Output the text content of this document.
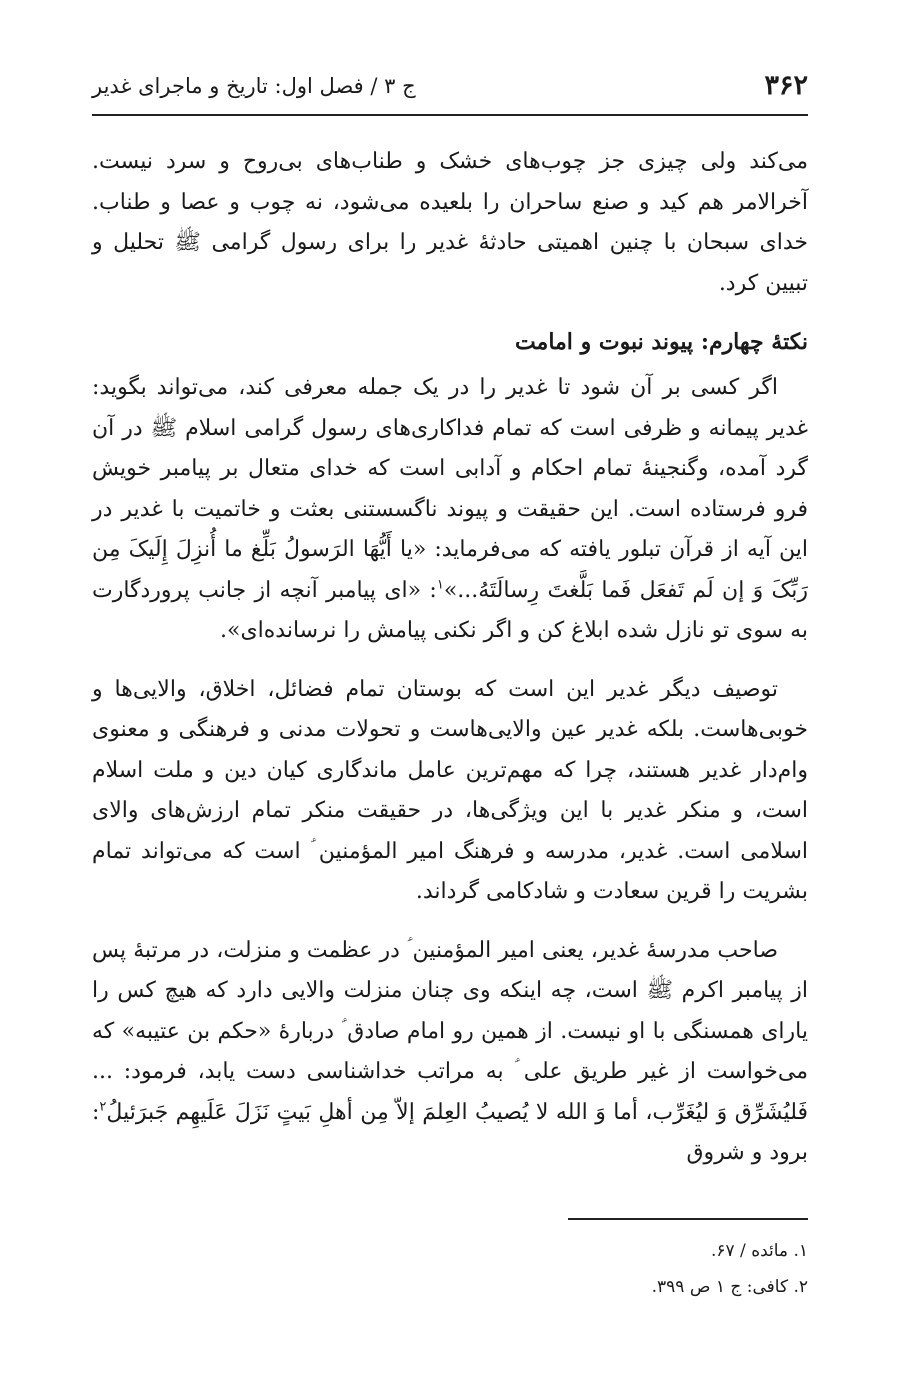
۳۶۲
ج ۳ / فصل اول: تاریخ و ماجرای غدیر

می‌کند ولی چیزی جز چوب‌های خشک و طناب‌های بی‌روح و سرد نیست. آخرالامر هم کید و صنع ساحران را بلعیده می‌شود، نه چوب و عصا و طناب. خدای سبحان با چنین اهمیتی حادثهٔ غدیر را برای رسول گرامی ﷺ تحلیل و تبیین کرد.

نکتهٔ چهارم: پیوند نبوت و امامت

اگر کسی بر آن شود تا غدیر را در یک جمله معرفی کند، می‌تواند بگوید: غدیر پیمانه و ظرفی است که تمام فداکاری‌های رسول گرامی اسلام ﷺ در آن گرد آمده، وگنجینهٔ تمام احکام و آدابی است که خدای متعال بر پیامبر خویش فرو فرستاده است. این حقیقت و پیوند ناگسستنی بعثت و خاتمیت با غدیر در این آیه از قرآن تبلور یافته که می‌فرماید: «یا أَیُّهَا الرَسولُ بَلِّغ ما أُنزِلَ إِلَیکَ مِن رَبِّکَ وَ إن لَم تَفعَل فَما بَلَّغتَ رِسالَتَهُ...»$^۱$: «ای پیامبر آنچه از جانب پروردگارت به سوی تو نازل شده ابلاغ کن و اگر نکنی پیامش را نرسانده‌ای».

توصیف دیگر غدیر این است که بوستان تمام فضائل، اخلاق، والایی‌ها و خوبی‌هاست. بلکه غدیر عین والایی‌هاست و تحولات مدنی و فرهنگی و معنوی وام‌دار غدیر هستند، چرا که مهم‌ترین عامل ماندگاری کیان دین و ملت اسلام است، و منکر غدیر با این ویژگی‌ها، در حقیقت منکر تمام ارزش‌های والای اسلامی است. غدیر، مدرسه و فرهنگ امیر المؤمنین ؑ است که می‌تواند تمام بشریت را قرین سعادت و شادکامی گرداند.

صاحب مدرسهٔ غدیر، یعنی امیر المؤمنین ؑ در عظمت و منزلت، در مرتبهٔ پس از پیامبر اکرم ﷺ است، چه اینکه وی چنان منزلت والایی دارد که هیچ کس را یارای همسنگی با او نیست. از همین رو امام صادق ؑ دربارهٔ «حکم بن عتیبه» که می‌خواست از غیر طریق علی ؑ به مراتب خداشناسی دست یابد، فرمود: ... فَلیُشَرِّق وَ لیُغَرِّب، أما وَ الله لا یُصیبُ العِلمَ إلاّ مِن أهلِ بَیتٍ نَزَلَ عَلَیهِم جَبرَئیلُ$^۲$: برود و شروق

۱. مائده / ۶۷.

۲. کافی: ج ۱ ص ۳۹۹.
